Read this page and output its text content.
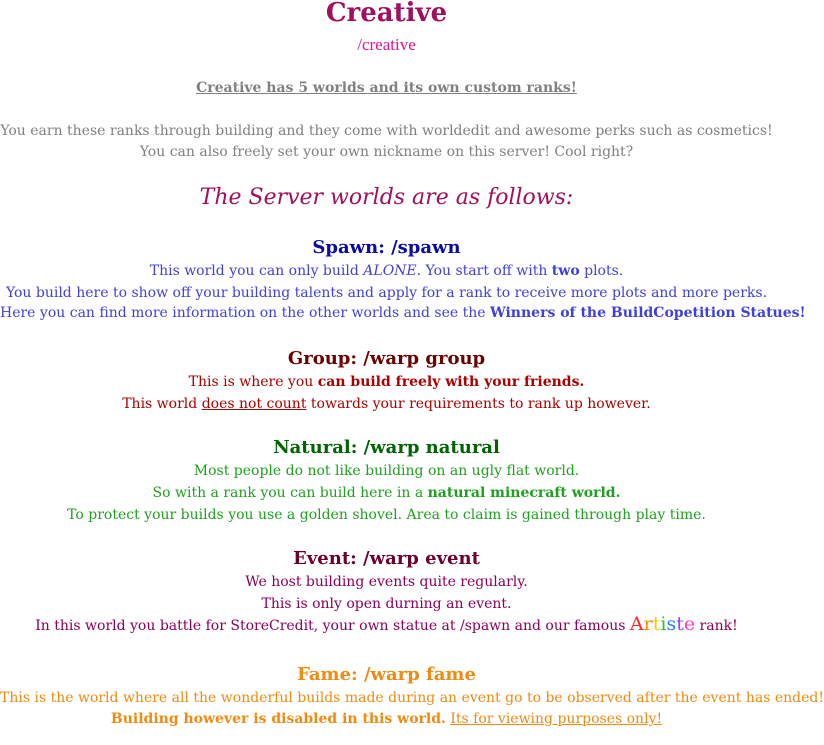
Creative
/creative
Creative has 5 worlds and its own custom ranks!
You earn these ranks through building and they come with worldedit and awesome perks such as cosmetics!
You can also freely set your own nickname on this server! Cool right?
The Server worlds are as follows:
Spawn: /spawn
This world you can only build ALONE. You start off with two plots.
You build here to show off your building talents and apply for a rank to receive more plots and more perks.
Here you can find more information on the other worlds and see the Winners of the BuildCopetition Statues!
Group: /warp group
This is where you can build freely with your friends.
This world does not count towards your requirements to rank up however.
Natural: /warp natural
Most people do not like building on an ugly flat world.
So with a rank you can build here in a natural minecraft world.
To protect your builds you use a golden shovel. Area to claim is gained through play time.
Event: /warp event
We host building events quite regularly.
This is only open durning an event.
In this world you battle for StoreCredit, your own statue at /spawn and our famous Artiste rank!
Fame: /warp fame
This is the world where all the wonderful builds made during an event go to be observed after the event has ended!
Building however is disabled in this world. Its for viewing purposes only!
